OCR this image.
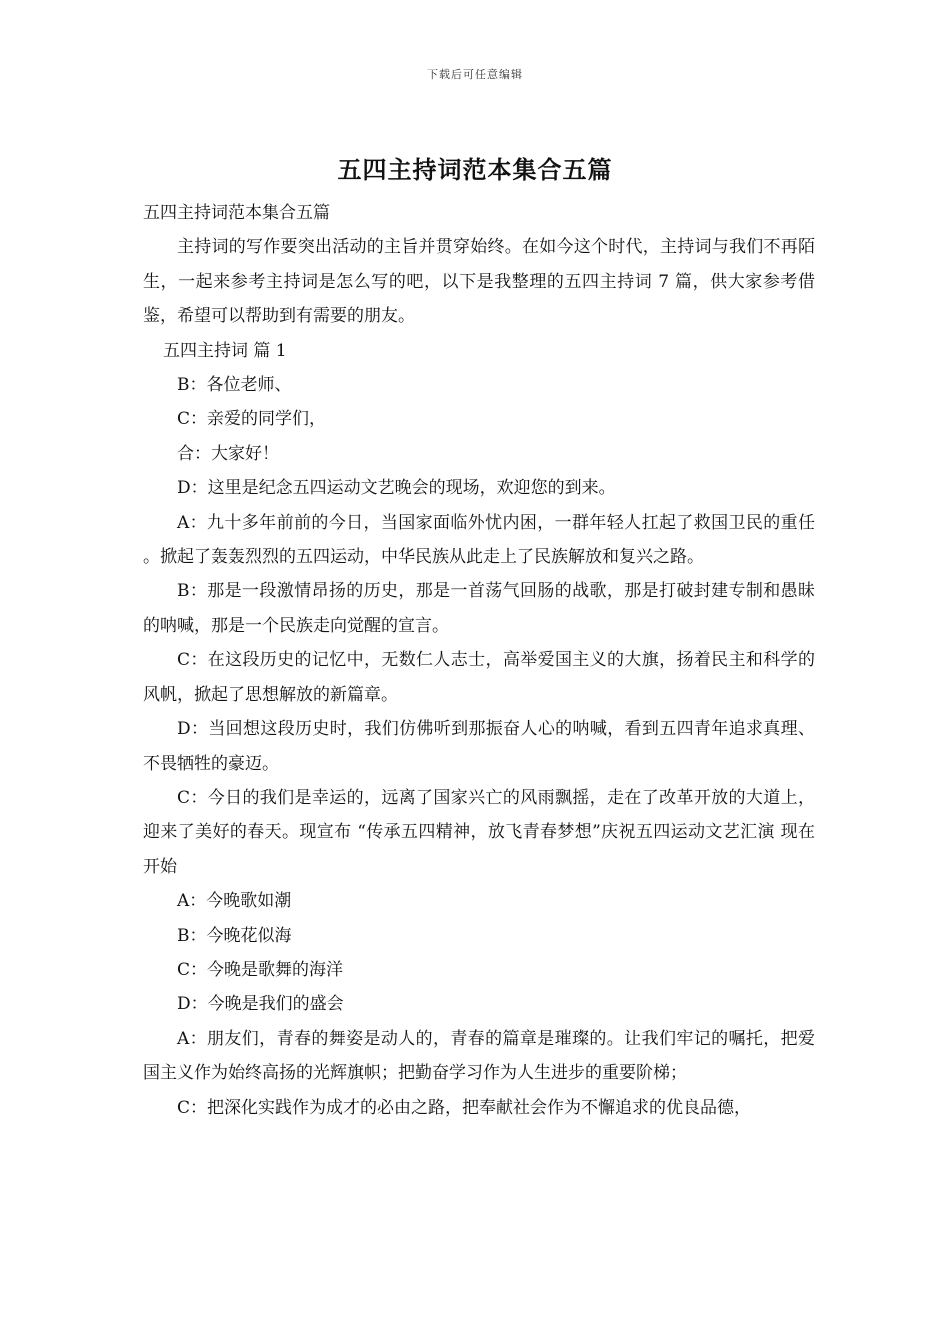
下载后可任意编辑
五四主持词范本集合五篇

五四主持词范本集合五篇

主持词的写作要突出活动的主旨并贯穿始终。在如今这个时代，主持词与我们不再陌生，一起来参考主持词是怎么写的吧，以下是我整理的五四主持词 7 篇，供大家参考借鉴，希望可以帮助到有需要的朋友。

五四主持词 篇 1

B：各位老师、

C：亲爱的同学们，

合：大家好！

D：这里是纪念五四运动文艺晚会的现场，欢迎您的到来。

A：九十多年前前的今日，当国家面临外忧内困，一群年轻人扛起了救国卫民的重任 。掀起了轰轰烈烈的五四运动，中华民族从此走上了民族解放和复兴之路。

B：那是一段激情昂扬的历史，那是一首荡气回肠的战歌，那是打破封建专制和愚昧的呐喊，那是一个民族走向觉醒的宣言。

C：在这段历史的记忆中，无数仁人志士，高举爱国主义的大旗，扬着民主和科学的风帆，掀起了思想解放的新篇章。

D：当回想这段历史时，我们仿佛听到那振奋人心的呐喊，看到五四青年追求真理、不畏牺牲的豪迈。

C：今日的我们是幸运的，远离了国家兴亡的风雨飘摇，走在了改革开放的大道上，迎来了美好的春天。现宣布 “传承五四精神，放飞青春梦想”庆祝五四运动文艺汇演 现在开始

A：今晚歌如潮

B：今晚花似海

C：今晚是歌舞的海洋

D：今晚是我们的盛会

A：朋友们，青春的舞姿是动人的，青春的篇章是璀璨的。让我们牢记的嘱托，把爱国主义作为始终高扬的光辉旗帜；把勤奋学习作为人生进步的重要阶梯；

C：把深化实践作为成才的必由之路，把奉献社会作为不懈追求的优良品德，
